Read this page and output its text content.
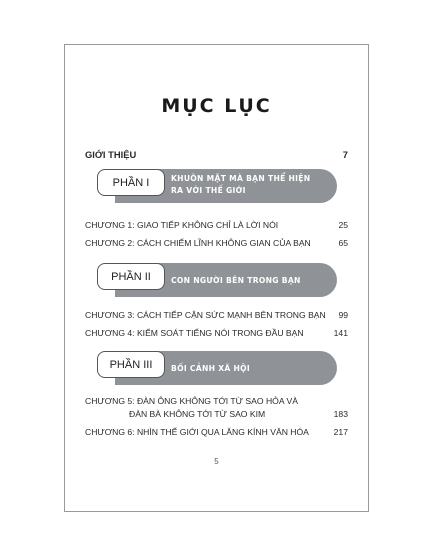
MỤC LỤC
GIỚI THIỆU	7
PHẦN I	KHUÔN MẶT MÀ BẠN THỂ HIỆN
RA VỚI THẾ GIỚI
CHƯƠNG 1: GIAO TIẾP KHÔNG CHỈ LÀ LỜI NÓI	25
CHƯƠNG 2: CÁCH CHIẾM LĨNH KHÔNG GIAN CỦA BẠN	65
PHẦN II	CON NGƯỜI BÊN TRONG BẠN
CHƯƠNG 3: CÁCH TIẾP CẬN SỨC MẠNH BÊN TRONG BẠN	99
CHƯƠNG 4: KIỂM SOÁT TIẾNG NÓI TRONG ĐẦU BẠN	141
PHẦN III	BỐI CẢNH XÃ HỘI
CHƯƠNG 5: ĐÀN ÔNG KHÔNG TỚI TỪ SAO HỎA VÀ
ĐÀN BÀ KHÔNG TỚI TỪ SAO KIM	183
CHƯƠNG 6: NHÌN THẾ GIỚI QUA LĂNG KÍNH VĂN HÓA	217
5
